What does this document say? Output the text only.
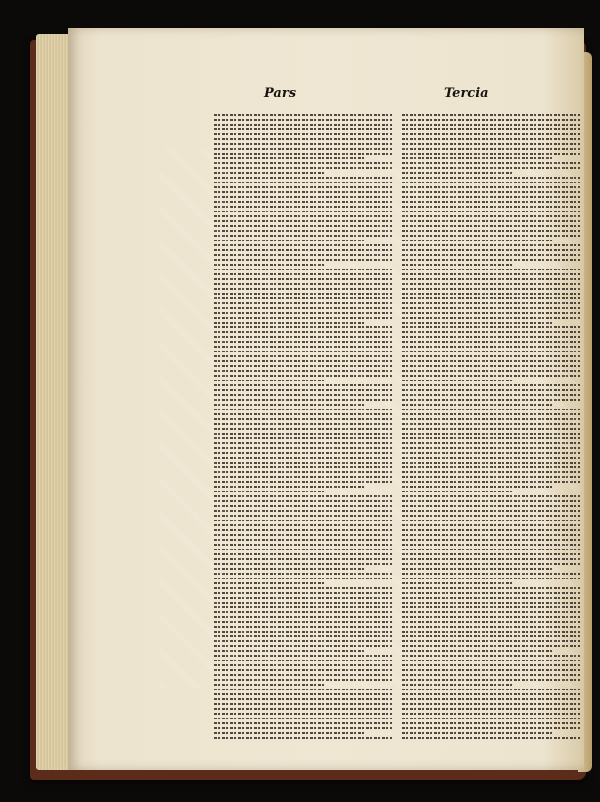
Pars	Tercia
